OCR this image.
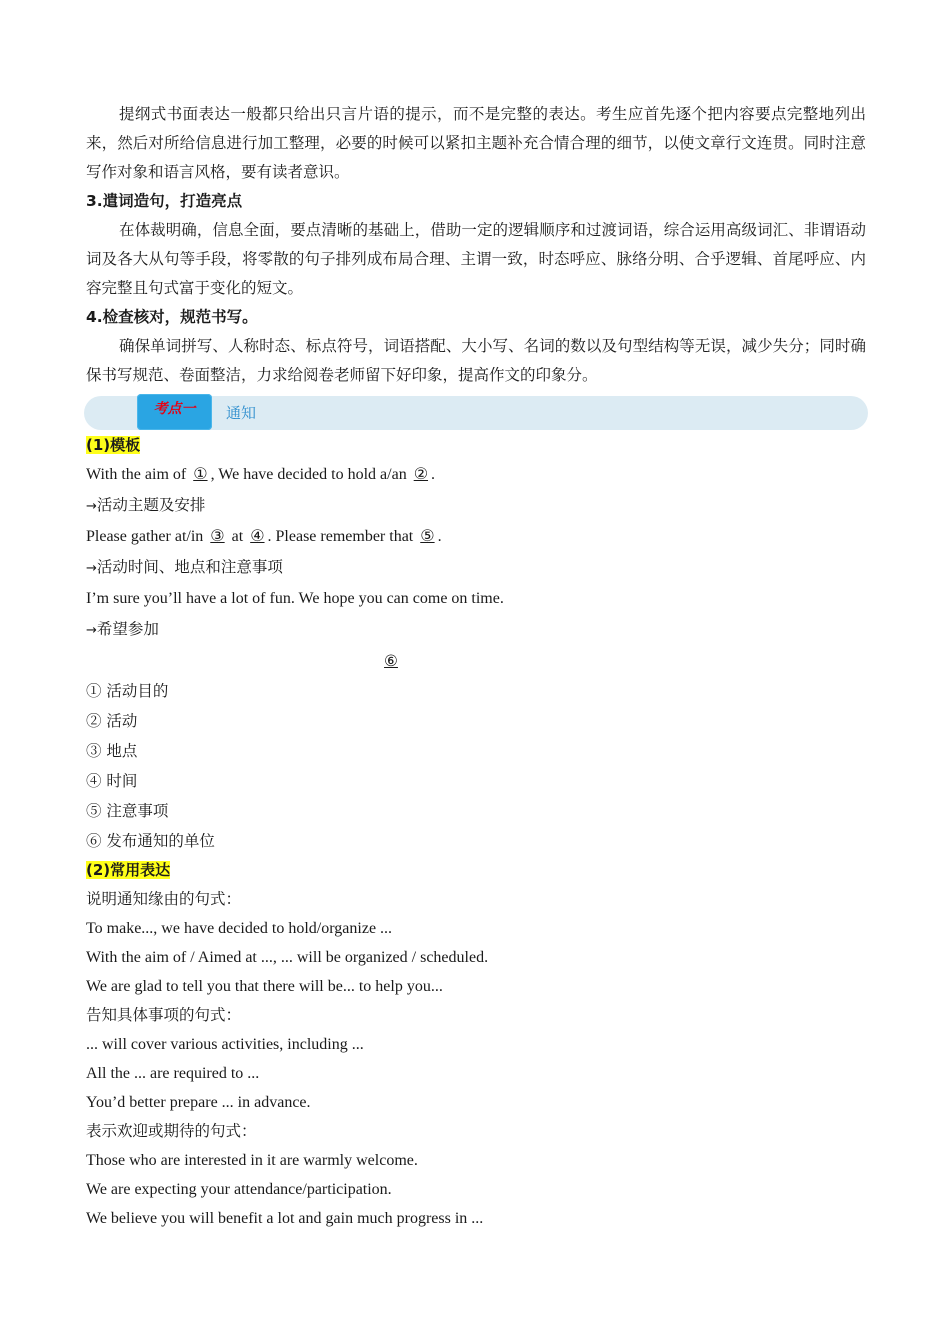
提纲式书面表达一般都只给出只言片语的提示，而不是完整的表达。考生应首先逐个把内容要点完整地列出来，然后对所给信息进行加工整理，必要的时候可以紧扣主题补充合情合理的细节，以使文章行文连贯。同时注意写作对象和语言风格，要有读者意识。
3.遣词造句，打造亮点
在体裁明确，信息全面，要点清晰的基础上，借助一定的逻辑顺序和过渡词语，综合运用高级词汇、非谓语动词及各大从句等手段，将零散的句子排列成布局合理、主谓一致，时态呼应、脉络分明、合乎逻辑、首尾呼应、内容完整且句式富于变化的短文。
4.检查核对，规范书写。
确保单词拼写、人称时态、标点符号，词语搭配、大小写、名词的数以及句型结构等无误，减少失分；同时确保书写规范、卷面整洁，力求给阅卷老师留下好印象，提高作文的印象分。
考点一	通知
(1)模板
With the aim of ① , We have decided to hold a/an ② .
→活动主题及安排
Please gather at/in ③ at ④ . Please remember that ⑤ .
→活动时间、地点和注意事项
I’m sure you’ll have a lot of fun. We hope you can come on time.
→希望参加
⑥
① 活动目的
② 活动
③ 地点
④ 时间
⑤ 注意事项
⑥ 发布通知的单位
(2)常用表达
说明通知缘由的句式：
To make..., we have decided to hold/organize ...
With the aim of / Aimed at ..., ... will be organized / scheduled.
We are glad to tell you that there will be... to help you...
告知具体事项的句式：
... will cover various activities, including ...
All the ... are required to ...
You’d better prepare ... in advance.
表示欢迎或期待的句式：
Those who are interested in it are warmly welcome.
We are expecting your attendance/participation.
We believe you will benefit a lot and gain much progress in ...
